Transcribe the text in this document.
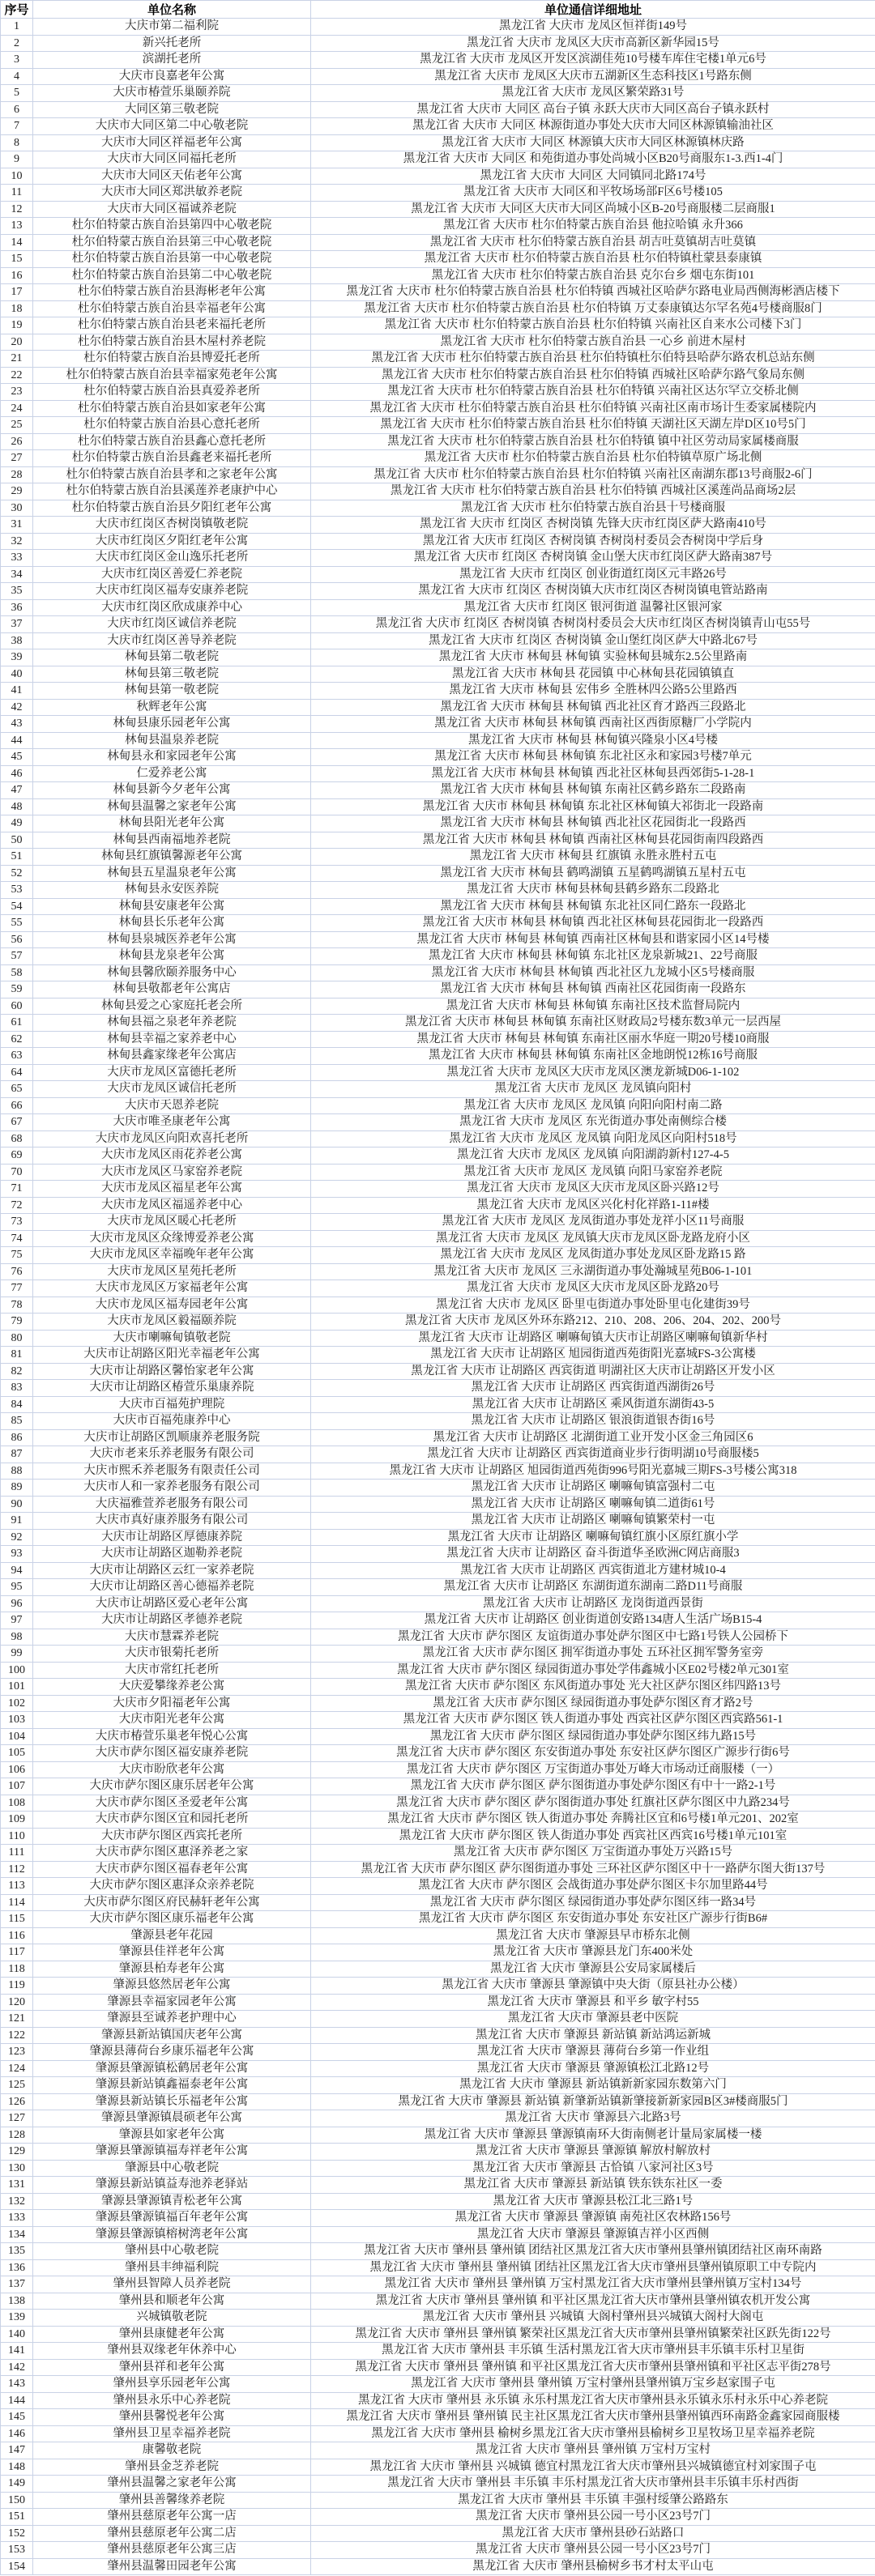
序号	单位名称	单位通信详细地址
1	大庆市第二福利院	黑龙江省 大庆市 龙凤区恒祥街149号
2	新兴托老所	黑龙江省 大庆市 龙凤区大庆市高新区新华园15号
3	滨湖托老所	黑龙江省 大庆市 龙凤区开发区滨湖佳苑10号楼车库住宅楼1单元6号
4	大庆市良嘉老年公寓	黑龙江省 大庆市 龙凤区大庆市五湖新区生态科技区1号路东侧
5	大庆市椿萱乐巢颐养院	黑龙江省 大庆市 龙凤区繁荣路31号
6	大同区第三敬老院	黑龙江省 大庆市 大同区 高台子镇 永跃大庆市大同区高台子镇永跃村
7	大庆市大同区第二中心敬老院	黑龙江省 大庆市 大同区 林源街道办事处大庆市大同区林源镇输油社区
8	大庆市大同区祥福老年公寓	黑龙江省 大庆市 大同区 林源镇大庆市大同区林源镇林庆路
9	大庆市大同区同福托老所	黑龙江省 大庆市 大同区 和苑街道办事处尚城小区B20号商服东1-3.西1-4门
10	大庆市大同区天佑老年公寓	黑龙江省 大庆市 大同区 大同镇同北路174号
11	大庆市大同区郑洪敏养老院	黑龙江省 大庆市 大同区和平牧场场部F区6号楼105
12	大庆市大同区福诚养老院	黑龙江省 大庆市 大同区大庆市大同区尚城小区B-20号商服楼二层商服1
13	杜尔伯特蒙古族自治县第四中心敬老院	黑龙江省 大庆市 杜尔伯特蒙古族自治县 他拉哈镇 永升366
14	杜尔伯特蒙古族自治县第三中心敬老院	黑龙江省 大庆市 杜尔伯特蒙古族自治县 胡吉吐莫镇胡吉吐莫镇
15	杜尔伯特蒙古族自治县第一中心敬老院	黑龙江省 大庆市 杜尔伯特蒙古族自治县 杜尔伯特镇杜蒙县泰康镇
16	杜尔伯特蒙古族自治县第二中心敬老院	黑龙江省 大庆市 杜尔伯特蒙古族自治县 克尔台乡 烟屯东街101
17	杜尔伯特蒙古族自治县海彬老年公寓	黑龙江省 大庆市 杜尔伯特蒙古族自治县 杜尔伯特镇 西城社区哈萨尔路电业局西侧海彬酒店楼下
18	杜尔伯特蒙古族自治县幸福老年公寓	黑龙江省 大庆市 杜尔伯特蒙古族自治县 杜尔伯特镇 万丈泰康镇达尔罕名苑4号楼商服8门
19	杜尔伯特蒙古族自治县老来福托老所	黑龙江省 大庆市 杜尔伯特蒙古族自治县 杜尔伯特镇 兴南社区自来水公司楼下3门
20	杜尔伯特蒙古族自治县木屋村养老院	黑龙江省 大庆市 杜尔伯特蒙古族自治县 一心乡 前进木屋村
21	杜尔伯特蒙古族自治县博爱托老所	黑龙江省 大庆市 杜尔伯特蒙古族自治县 杜尔伯特镇杜尔伯特县哈萨尔路农机总站东侧
22	杜尔伯特蒙古族自治县幸福家苑老年公寓	黑龙江省 大庆市 杜尔伯特蒙古族自治县 杜尔伯特镇 西城社区哈萨尔路气象局东侧
23	杜尔伯特蒙古族自治县真爱养老所	黑龙江省 大庆市 杜尔伯特蒙古族自治县 杜尔伯特镇 兴南社区达尔罕立交桥北侧
24	杜尔伯特蒙古族自治县如家老年公寓	黑龙江省 大庆市 杜尔伯特蒙古族自治县 杜尔伯特镇 兴南社区南市场计生委家属楼院内
25	杜尔伯特蒙古族自治县心意托老所	黑龙江省 大庆市 杜尔伯特蒙古族自治县 杜尔伯特镇 天湖社区天湖左岸D区10号5门
26	杜尔伯特蒙古族自治县鑫心意托老所	黑龙江省 大庆市 杜尔伯特蒙古族自治县 杜尔伯特镇 镇中社区劳动局家属楼商服
27	杜尔伯特蒙古族自治县鑫老来福托老所	黑龙江省 大庆市 杜尔伯特蒙古族自治县 杜尔伯特镇草原广场北侧
28	杜尔伯特蒙古族自治县孝和之家老年公寓	黑龙江省 大庆市 杜尔伯特蒙古族自治县 杜尔伯特镇 兴南社区南湖东郡13号商服2-6门
29	杜尔伯特蒙古族自治县溪莲养老康护中心	黑龙江省 大庆市 杜尔伯特蒙古族自治县 杜尔伯特镇 西城社区溪莲尚品商场2层
30	杜尔伯特蒙古族自治县夕阳红老年公寓	黑龙江省 大庆市 杜尔伯特蒙古族自治县十号楼商服
31	大庆市红岗区杏树岗镇敬老院	黑龙江省 大庆市 红岗区 杏树岗镇 先锋大庆市红岗区萨大路南410号
32	大庆市红岗区夕阳红老年公寓	黑龙江省 大庆市 红岗区 杏树岗镇 杏树岗村委员会杏树岗中学后身
33	大庆市红岗区金山逸乐托老所	黑龙江省 大庆市 红岗区 杏树岗镇 金山堡大庆市红岗区萨大路南387号
34	大庆市红岗区善爱仁养老院	黑龙江省 大庆市 红岗区 创业街道红岗区元丰路26号
35	大庆市红岗区福寿安康养老院	黑龙江省 大庆市 红岗区 杏树岗镇大庆市红岗区杏树岗镇电管站路南
36	大庆市红岗区欣成康养中心	黑龙江省 大庆市 红岗区 银河街道 温馨社区银河家
37	大庆市红岗区诚信养老院	黑龙江省 大庆市 红岗区 杏树岗镇 杏树岗村委员会大庆市红岗区杏树岗镇青山屯55号
38	大庆市红岗区善导养老院	黑龙江省 大庆市 红岗区 杏树岗镇 金山堡红岗区萨大中路北67号
39	林甸县第二敬老院	黑龙江省 大庆市 林甸县 林甸镇 实验林甸县城东2.5公里路南
40	林甸县第三敬老院	黑龙江省 大庆市 林甸县 花园镇 中心林甸县花园镇镇直
41	林甸县第一敬老院	黑龙江省 大庆市 林甸县 宏伟乡 全胜林四公路5公里路西
42	秋辉老年公寓	黑龙江省 大庆市 林甸县 林甸镇 西北社区育才路西三段路北
43	林甸县康乐园老年公寓	黑龙江省 大庆市 林甸县 林甸镇 西南社区西街原糖厂小学院内
44	林甸县温泉养老院	黑龙江省 大庆市 林甸县 林甸镇兴隆泉小区4号楼
45	林甸县永和家园老年公寓	黑龙江省 大庆市 林甸县 林甸镇 东北社区永和家园3号楼7单元
46	仁爱养老公寓	黑龙江省 大庆市 林甸县 林甸镇 西北社区林甸县西郊街5-1-28-1
47	林甸县新今夕老年公寓	黑龙江省 大庆市 林甸县 林甸镇 东南社区鹤乡路东二段路南
48	林甸县温馨之家老年公寓	黑龙江省 大庆市 林甸县 林甸镇 东北社区林甸镇大祁街北一段路南
49	林甸县阳光老年公寓	黑龙江省 大庆市 林甸县 林甸镇 西北社区花园街北一段路西
50	林甸县西南福地养老院	黑龙江省 大庆市 林甸县 林甸镇 西南社区林甸县花园街南四段路西
51	林甸县红旗镇馨源老年公寓	黑龙江省 大庆市 林甸县 红旗镇 永胜永胜村五屯
52	林甸县五星温泉老年公寓	黑龙江省 大庆市 林甸县 鹤鸣湖镇 五星鹤鸣湖镇五星村五屯
53	林甸县永安医养院	黑龙江省 大庆市 林甸县林甸县鹤乡路东二段路北
54	林甸县安康老年公寓	黑龙江省 大庆市 林甸县 林甸镇 东北社区同仁路东一段路北
55	林甸县长乐老年公寓	黑龙江省 大庆市 林甸县 林甸镇 西北社区林甸县花园街北一段路西
56	林甸县泉城医养老年公寓	黑龙江省 大庆市 林甸县 林甸镇 西南社区林甸县和谐家园小区14号楼
57	林甸县龙泉老年公寓	黑龙江省 大庆市 林甸县 林甸镇 东北社区龙泉新城21、22号商服
58	林甸县馨欣颐养服务中心	黑龙江省 大庆市 林甸县 林甸镇 西北社区九龙城小区5号楼商服
59	林甸县敬都老年公寓店	黑龙江省 大庆市 林甸县 林甸镇 西南社区花园街南一段路东
60	林甸县爱之心家庭托老会所	黑龙江省 大庆市 林甸县 林甸镇 东南社区技术监督局院内
61	林甸县福之泉老年养老院	黑龙江省 大庆市 林甸县 林甸镇 东南社区财政局2号楼东数3单元一层西屋
62	林甸县幸福之家养老中心	黑龙江省 大庆市 林甸县 林甸镇 东南社区丽水华庭一期20号楼10商服
63	林甸县鑫家缘老年公寓店	黑龙江省 大庆市 林甸县 林甸镇 东南社区金地朗悦12栋16号商服
64	大庆市龙凤区富德托老所	黑龙江省 大庆市 龙凤区大庆市龙凤区澳龙新城D06-1-102
65	大庆市龙凤区诚信托老所	黑龙江省 大庆市 龙凤区 龙凤镇向阳村
66	大庆市天恩养老院	黑龙江省 大庆市 龙凤区 龙凤镇 向阳向阳村南二路
67	大庆市唯圣康老年公寓	黑龙江省 大庆市 龙凤区 东光街道办事处南侧综合楼
68	大庆市龙凤区向阳欢喜托老所	黑龙江省 大庆市 龙凤区 龙凤镇 向阳龙凤区向阳村518号
69	大庆市龙凤区雨花养老公寓	黑龙江省 大庆市 龙凤区 龙凤镇 向阳湖韵新村127-4-5
70	大庆市龙凤区马家窑养老院	黑龙江省 大庆市 龙凤区 龙凤镇 向阳马家窑养老院
71	大庆市龙凤区福星老年公寓	黑龙江省 大庆市 龙凤区大庆市龙凤区卧兴路12号
72	大庆市龙凤区福遥养老中心	黑龙江省 大庆市 龙凤区兴化村化祥路1-11#楼
73	大庆市龙凤区暖心托老所	黑龙江省 大庆市 龙凤区 龙凤街道办事处龙祥小区11号商服
74	大庆市龙凤区众缘博爱养老公寓	黑龙江省 大庆市 龙凤区 龙凤镇大庆市龙凤区卧龙路龙府小区
75	大庆市龙凤区幸福晚年老年公寓	黑龙江省 大庆市 龙凤区 龙凤街道办事处龙凤区卧龙路15 路
76	大庆市龙凤区星苑托老所	黑龙江省 大庆市 龙凤区 三永湖街道办事处瀚城星苑B06-1-101
77	大庆市龙凤区万家福老年公寓	黑龙江省 大庆市 龙凤区大庆市龙凤区卧龙路20号
78	大庆市龙凤区福寿园老年公寓	黑龙江省 大庆市 龙凤区 卧里屯街道办事处卧里屯化建街39号
79	大庆市龙凤区毅福颐养院	黑龙江省 大庆市 龙凤区外环东路212、210、208、206、204、202、200号
80	大庆市喇嘛甸镇敬老院	黑龙江省 大庆市 让胡路区 喇嘛甸镇大庆市让胡路区喇嘛甸镇新华村
81	大庆市让胡路区阳光幸福老年公寓	黑龙江省 大庆市 让胡路区 旭园街道西苑街阳光嘉城FS-3公寓楼
82	大庆市让胡路区馨怡家老年公寓	黑龙江省 大庆市 让胡路区 西宾街道 明湖社区大庆市让胡路区开发小区
83	大庆市让胡路区椿萱乐巢康养院	黑龙江省 大庆市 让胡路区 西宾街道西湖街26号
84	大庆市百福苑护理院	黑龙江省 大庆市 让胡路区 乘风街道东湖街43-5
85	大庆市百福苑康养中心	黑龙江省 大庆市 让胡路区 银浪街道银杏街16号
86	大庆市让胡路区凯顺康养老服务院	黑龙江省 大庆市 让胡路区 北湖街道工业开发小区金三角园区6
87	大庆市老来乐养老服务有限公司	黑龙江省 大庆市 让胡路区 西宾街道商业步行街明湖10号商服楼5
88	大庆市熙禾养老服务有限责任公司	黑龙江省 大庆市 让胡路区 旭园街道西苑街996号阳光嘉城三期FS-3号楼公寓318
89	大庆市人和一家养老服务有限公司	黑龙江省 大庆市 让胡路区 喇嘛甸镇富强村二屯
90	大庆福雅萱养老服务有限公司	黑龙江省 大庆市 让胡路区 喇嘛甸镇二道街61号
91	大庆市真好康养服务有限公司	黑龙江省 大庆市 让胡路区 喇嘛甸镇繁荣村一屯
92	大庆市让胡路区厚德康养院	黑龙江省 大庆市 让胡路区 喇嘛甸镇红旗小区原红旗小学
93	大庆市让胡路区迦勒养老院	黑龙江省 大庆市 让胡路区 奋斗街道华圣欧洲C网店商服3
94	大庆市让胡路区云红一家养老院	黑龙江省 大庆市 让胡路区 西宾街道北方建材城10-4
95	大庆市让胡路区善心德福养老院	黑龙江省 大庆市 让胡路区 东湖街道东湖南二路D11号商服
96	大庆市让胡路区爱心老年公寓	黑龙江省 大庆市 让胡路区 龙岗街道西景街
97	大庆市让胡路区孝德养老院	黑龙江省 大庆市 让胡路区 创业街道创安路134唐人生活广场B15-4
98	大庆市慧霖养老院	黑龙江省 大庆市 萨尔图区 友谊街道办事处萨尔图区中七路1号铁人公园桥下
99	大庆市银菊托老所	黑龙江省 大庆市 萨尔图区 拥军街道办事处 五环社区拥军警务室旁
100	大庆市常红托老所	黑龙江省 大庆市 萨尔图区 绿园街道办事处学伟鑫城小区E02号楼2单元301室
101	大庆爱攀缘养老公寓	黑龙江省 大庆市 萨尔图区 东风街道办事处 光大社区萨尔图区纬四路13号
102	大庆市夕阳福老年公寓	黑龙江省 大庆市 萨尔图区 绿园街道办事处萨尔图区育才路2号
103	大庆市阳光老年公寓	黑龙江省 大庆市 萨尔图区 铁人街道办事处 西宾社区萨尔图区西宾路561-1
104	大庆市椿萱乐巢老年悦心公寓	黑龙江省 大庆市 萨尔图区 绿园街道办事处萨尔图区纬九路15号
105	大庆市萨尔图区福安康养老院	黑龙江省 大庆市 萨尔图区 东安街道办事处 东安社区萨尔图区广源步行街6号
106	大庆市盼欣老年公寓	黑龙江省 大庆市 萨尔图区 万宝街道办事处万峰大市场动迁商服楼（一）
107	大庆市萨尔图区康乐居老年公寓	黑龙江省 大庆市 萨尔图区 萨尔图街道办事处萨尔图区有中十一路2-1号
108	大庆市萨尔图区圣爱老年公寓	黑龙江省 大庆市 萨尔图区 萨尔图街道办事处 红旗社区萨尔图区中九路234号
109	大庆市萨尔图区宜和园托老所	黑龙江省 大庆市 萨尔图区 铁人街道办事处 奔腾社区宜和6号楼1单元201、202室
110	大庆市萨尔图区西宾托老所	黑龙江省 大庆市 萨尔图区 铁人街道办事处 西宾社区西宾16号楼1单元101室
111	大庆市萨尔图区惠泽养老之家	黑龙江省 大庆市 萨尔图区 万宝街道办事处万兴路15号
112	大庆市萨尔图区福春老年公寓	黑龙江省 大庆市 萨尔图区 萨尔图街道办事处 三环社区萨尔图区中十一路萨尔图大街137号
113	大庆市萨尔图区惠泽众亲养老院	黑龙江省 大庆市 萨尔图区 会战街道办事处萨尔图区卡尔加里路44号
114	大庆市萨尔图区府民赫轩老年公寓	黑龙江省 大庆市 萨尔图区 绿园街道办事处萨尔图区纬一路34号
115	大庆市萨尔图区康乐福老年公寓	黑龙江省 大庆市 萨尔图区 东安街道办事处 东安社区广源步行街B6#
116	肇源县老年花园	黑龙江省 大庆市 肇源县早市桥东北侧
117	肇源县佳祥老年公寓	黑龙江省 大庆市 肇源县龙门东400米处
118	肇源县柏寿老年公寓	黑龙江省 大庆市 肇源县公安局家属楼后
119	肇源县悠然居老年公寓	黑龙江省 大庆市 肇源县 肇源镇中央大街（原县社办公楼）
120	肇源县幸福家园老年公寓	黑龙江省 大庆市 肇源县 和平乡 敏字村55
121	肇源县至诚养老护理中心	黑龙江省 大庆市 肇源县老中医院
122	肇源县新站镇国庆老年公寓	黑龙江省 大庆市 肇源县 新站镇 新站鸿运新城
123	肇源县薄荷台乡康乐福老年公寓	黑龙江省 大庆市 肇源县 薄荷台乡第一作业组
124	肇源县肇源镇松鹤居老年公寓	黑龙江省 大庆市 肇源县 肇源镇松江北路12号
125	肇源县新站镇鑫福泰老年公寓	黑龙江省 大庆市 肇源县 新站镇新新家园东数第六门
126	肇源县新站镇长乐福老年公寓	黑龙江省 大庆市 肇源县 新站镇 新肇新站镇新肇接新新家园B区3#楼商服5门
127	肇源县肇源镇晨硕老年公寓	黑龙江省 大庆市 肇源县六北路3号
128	肇源县如家老年公寓	黑龙江省 大庆市 肇源县 肇源镇南环大街南侧老计量局家属楼一楼
129	肇源县肇源镇福寿祥老年公寓	黑龙江省 大庆市 肇源县 肇源镇 解放村解放村
130	肇源县中心敬老院	黑龙江省 大庆市 肇源县 古恰镇 八家河社区3号
131	肇源县新站镇益寿池养老驿站	黑龙江省 大庆市 肇源县 新站镇 铁东铁东社区一委
132	肇源县肇源镇青松老年公寓	黑龙江省 大庆市 肇源县松江北三路1号
133	肇源县肇源镇福百年老年公寓	黑龙江省 大庆市 肇源县 肇源镇 南苑社区农林路156号
134	肇源县肇源镇榕树湾老年公寓	黑龙江省 大庆市 肇源县 肇源镇吉祥小区西侧
135	肇州县中心敬老院	黑龙江省 大庆市 肇州县 肇州镇 团结社区黑龙江省大庆市肇州县肇州镇团结社区南环南路
136	肇州县丰绅福利院	黑龙江省 大庆市 肇州县 肇州镇 团结社区黑龙江省大庆市肇州县肇州镇原职工中专院内
137	肇州县智障人员养老院	黑龙江省 大庆市 肇州县 肇州镇 万宝村黑龙江省大庆市肇州县肇州镇万宝村134号
138	肇州县和顺老年公寓	黑龙江省 大庆市 肇州县 肇州镇 和平社区黑龙江省大庆市肇州县肇州镇农机开发公寓
139	兴城镇敬老院	黑龙江省 大庆市 肇州县 兴城镇 大阁村肇州县兴城镇大阁村大阁屯
140	肇州县康健老年公寓	黑龙江省 大庆市 肇州县 肇州镇 繁荣社区黑龙江省大庆市肇州县肇州镇繁荣社区跃先街122号
141	肇州县双缘老年休养中心	黑龙江省 大庆市 肇州县 丰乐镇 生活村黑龙江省大庆市肇州县丰乐镇丰乐村卫星街
142	肇州县祥和老年公寓	黑龙江省 大庆市 肇州县 肇州镇 和平社区黑龙江省大庆市肇州县肇州镇和平社区志平街278号
143	肇州县享乐园老年公寓	黑龙江省 大庆市 肇州县 肇州镇 万宝村肇州县肇州镇万宝乡赵家围子屯
144	肇州县永乐中心养老院	黑龙江省 大庆市 肇州县 永乐镇 永乐村黑龙江省大庆市肇州县永乐镇永乐村永乐中心养老院
145	肇州县馨悦老年公寓	黑龙江省 大庆市 肇州县 肇州镇 民主社区黑龙江省大庆市肇州县肇州镇西环南路金鑫家园商服楼
146	肇州县卫星幸福养老院	黑龙江省 大庆市 肇州县 榆树乡黑龙江省大庆市肇州县榆树乡卫星牧场卫星幸福养老院
147	康馨敬老院	黑龙江省 大庆市 肇州县 肇州镇 万宝村万宝村
148	肇州县金芝养老院	黑龙江省 大庆市 肇州县 兴城镇 德宜村黑龙江省大庆市肇州县兴城镇德宜村刘家围子屯
149	肇州县温馨之家老年公寓	黑龙江省 大庆市 肇州县 丰乐镇 丰乐村黑龙江省大庆市肇州县丰乐镇丰乐村西街
150	肇州县善馨缘养老院	黑龙江省 大庆市 肇州县 丰乐镇 丰强村绥肇公路路东
151	肇州县慈原老年公寓一店	黑龙江省 大庆市 肇州县公园一号小区23号7门
152	肇州县慈原老年公寓二店	黑龙江省 大庆市 肇州县砂石站路口
153	肇州县慈原老年公寓三店	黑龙江省 大庆市 肇州县公园一号小区23号7门
154	肇州县温馨田园老年公寓	黑龙江省 大庆市 肇州县榆树乡书才村太平山屯
